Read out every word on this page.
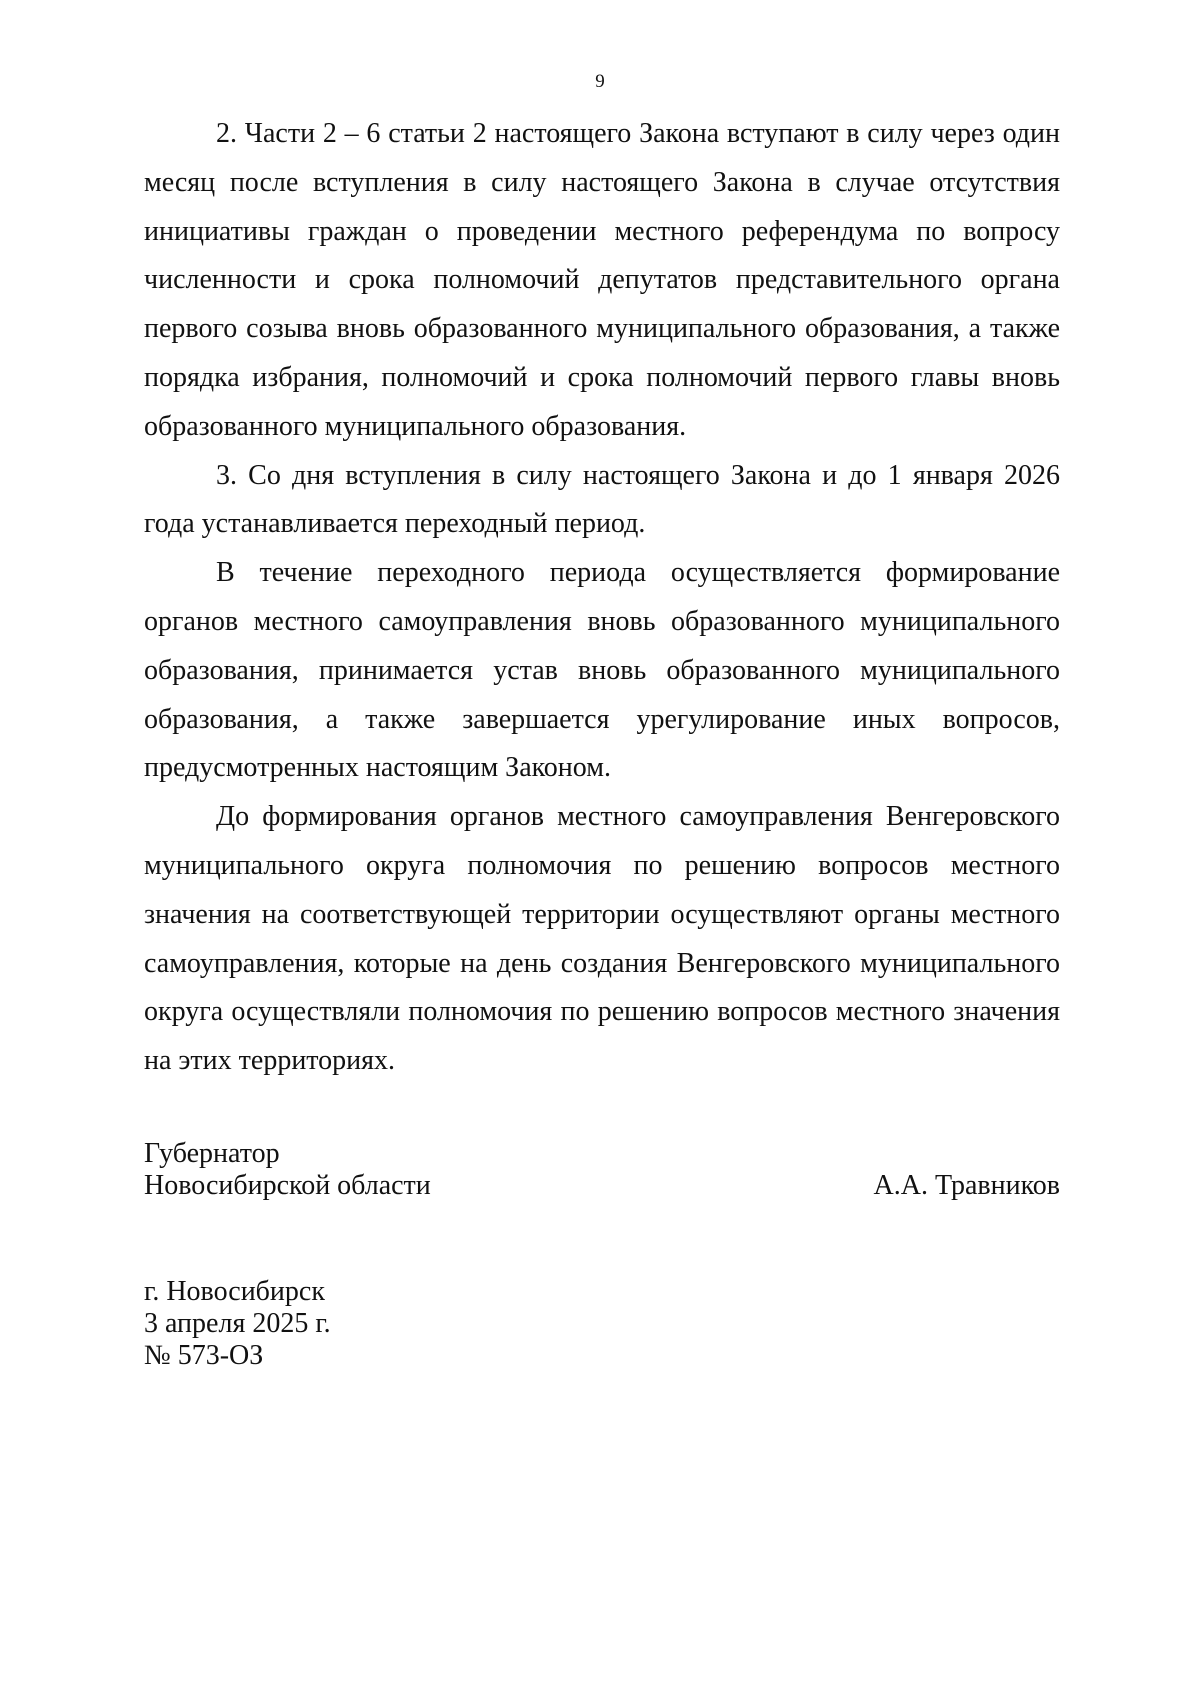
9

2. Части 2 – 6 статьи 2 настоящего Закона вступают в силу через один месяц после вступления в силу настоящего Закона в случае отсутствия инициативы граждан о проведении местного референдума по вопросу численности и срока полномочий депутатов представительного органа первого созыва вновь образованного муниципального образования, а также порядка избрания, полномочий и срока полномочий первого главы вновь образованного муниципального образования.

3. Со дня вступления в силу настоящего Закона и до 1 января 2026 года устанавливается переходный период.

В течение переходного периода осуществляется формирование органов местного самоуправления вновь образованного муниципального образования, принимается устав вновь образованного муниципального образования, а также завершается урегулирование иных вопросов, предусмотренных настоящим Законом.

До формирования органов местного самоуправления Венгеровского муниципального округа полномочия по решению вопросов местного значения на соответствующей территории осуществляют органы местного самоуправления, которые на день создания Венгеровского муниципального округа осуществляли полномочия по решению вопросов местного значения на этих территориях.

Губернатор
Новосибирской области	А.А. Травников
г. Новосибирск
3 апреля 2025 г.
№ 573-ОЗ
